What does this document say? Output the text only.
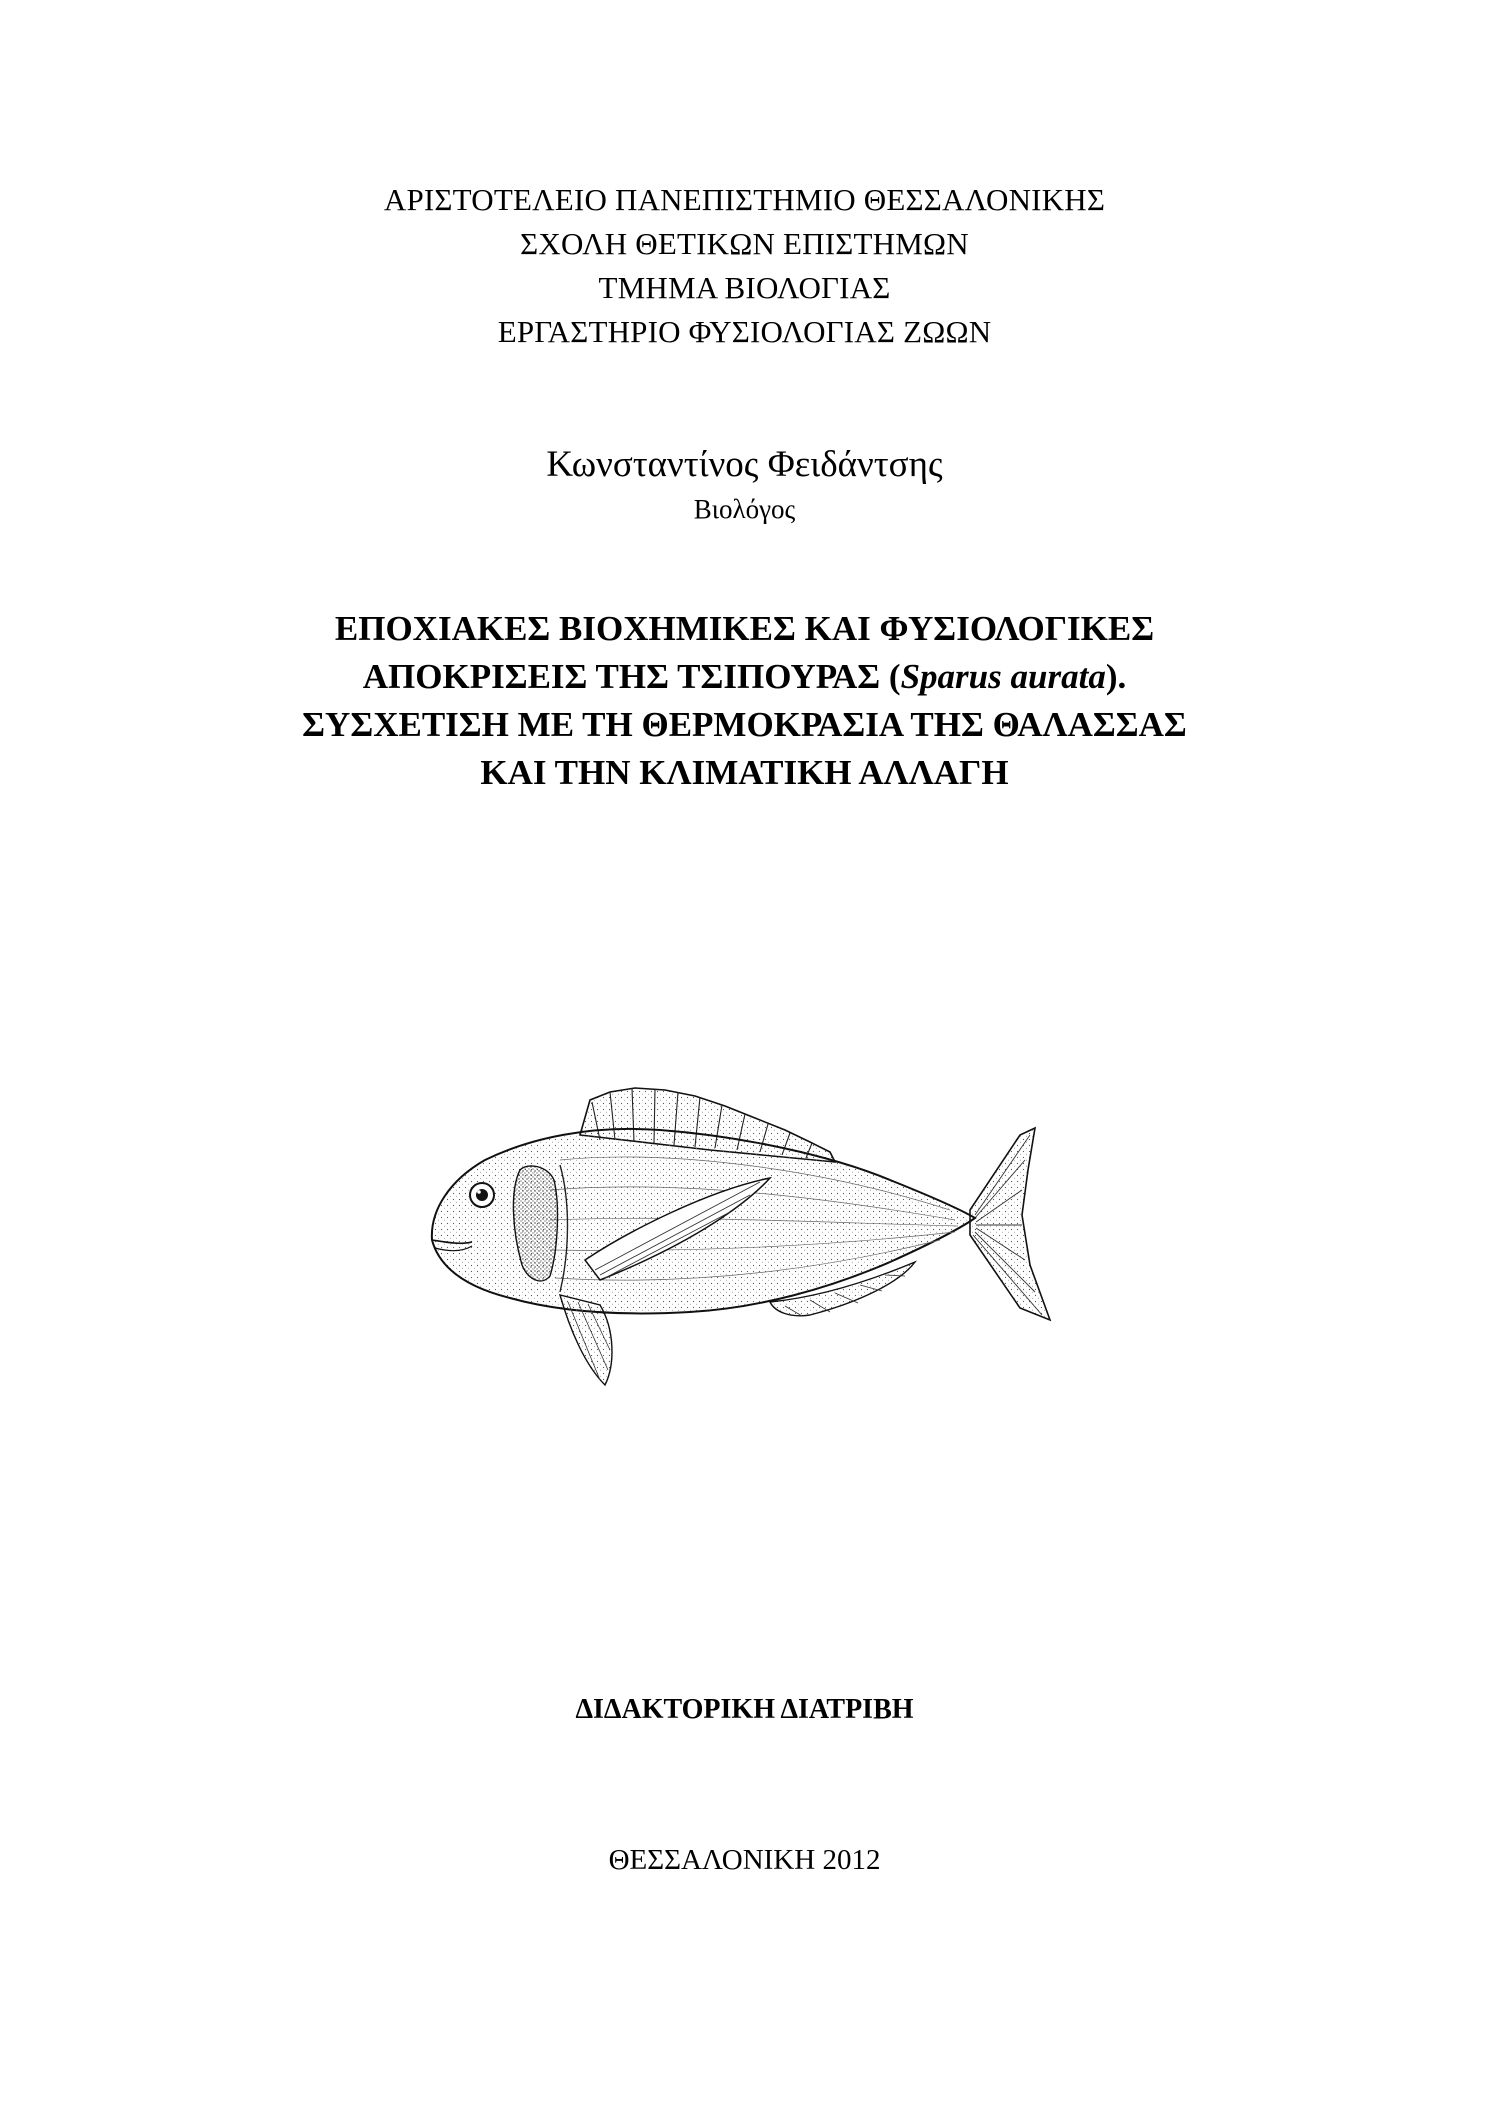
ΑΡΙΣΤΟΤΕΛΕΙΟ ΠΑΝΕΠΙΣΤΗΜΙΟ ΘΕΣΣΑΛΟΝΙΚΗΣ
ΣΧΟΛΗ ΘΕΤΙΚΩΝ ΕΠΙΣΤΗΜΩΝ
ΤΜΗΜΑ ΒΙΟΛΟΓΙΑΣ
ΕΡΓΑΣΤΗΡΙΟ ΦΥΣΙΟΛΟΓΙΑΣ ΖΩΩΝ
Κωνσταντίνος Φειδάντσης
Βιολόγος
ΕΠΟΧΙΑΚΕΣ ΒΙΟΧΗΜΙΚΕΣ ΚΑΙ ΦΥΣΙΟΛΟΓΙΚΕΣ
ΑΠΟΚΡΙΣΕΙΣ ΤΗΣ ΤΣΙΠΟΥΡΑΣ (Sparus aurata).
ΣΥΣΧΕΤΙΣΗ ΜΕ ΤΗ ΘΕΡΜΟΚΡΑΣΙΑ ΤΗΣ ΘΑΛΑΣΣΑΣ
ΚΑΙ ΤΗΝ ΚΛΙΜΑΤΙΚΗ ΑΛΛΑΓΗ
ΔΙΔΑΚΤΟΡΙΚΗ ΔΙΑΤΡΙΒΗ
ΘΕΣΣΑΛΟΝΙΚΗ 2012
